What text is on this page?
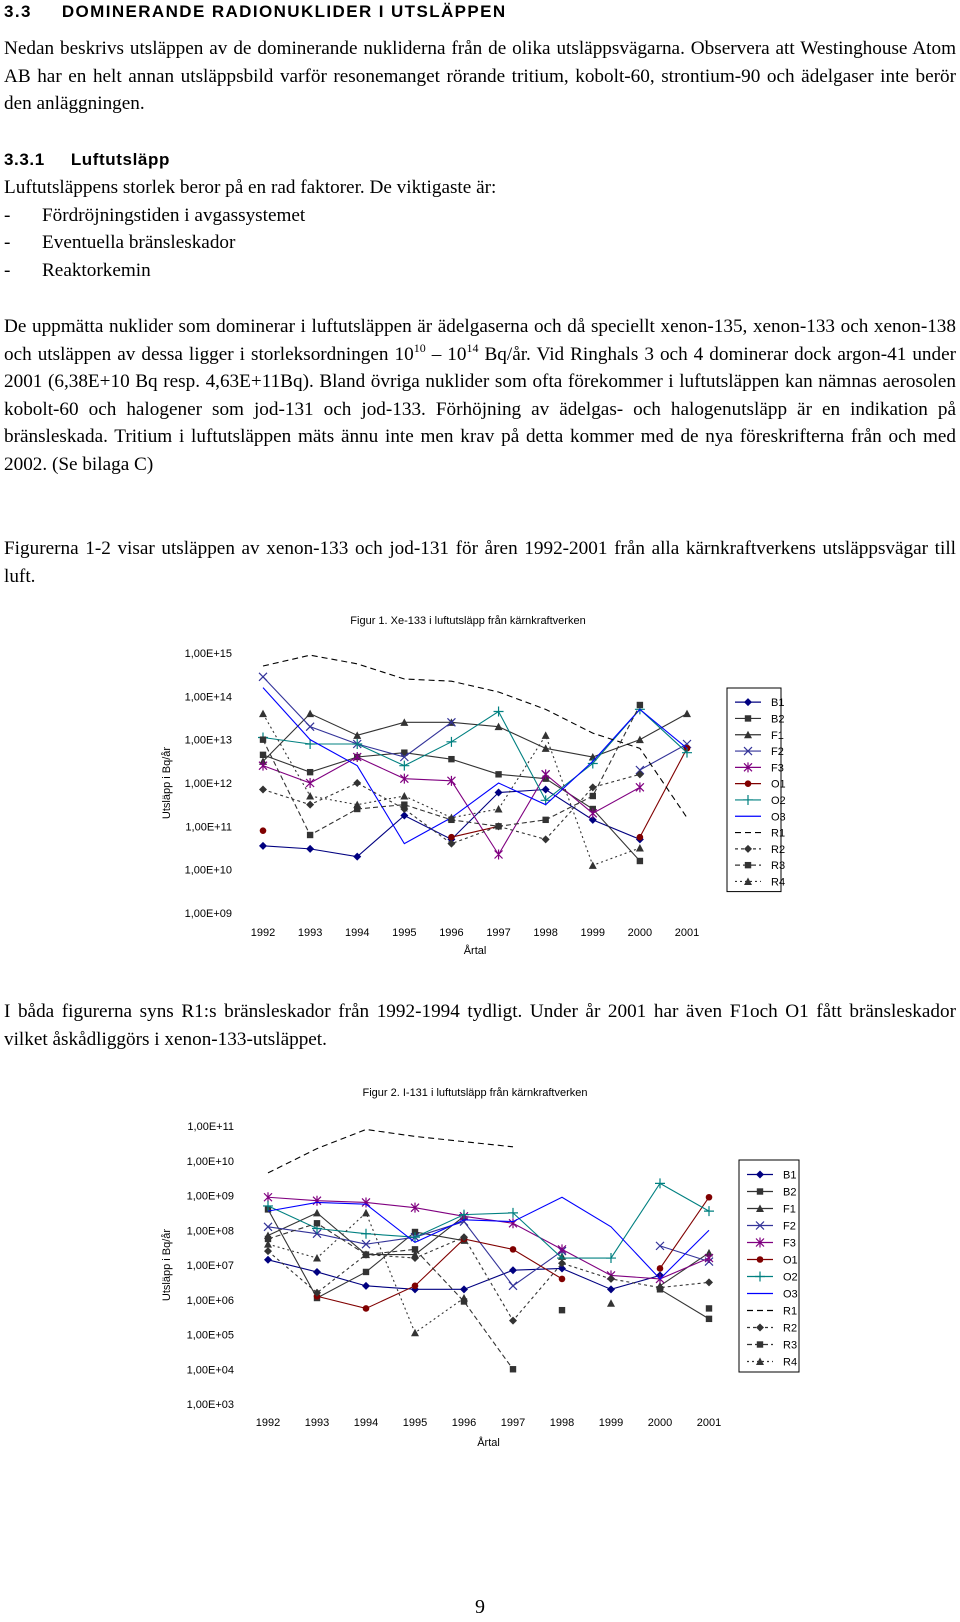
3.3 DOMINERANDE RADIONUKLIDER I UTSLÄPPEN

Nedan beskrivs utsläppen av de dominerande nukliderna från de olika utsläppsvägarna. Observera att Westinghouse Atom AB har en helt annan utsläppsbild varför resonemanget rörande tritium, kobolt-60, strontium-90 och ädelgaser inte berör den anläggningen.

3.3.1 Luftutsläpp
Luftutsläppens storlek beror på en rad faktorer. De viktigaste är:
- Fördröjningstiden i avgassystemet
- Eventuella bränsleskador
- Reaktorkemin

De uppmätta nuklider som dominerar i luftutsläppen är ädelgaserna och då speciellt xenon-135, xenon-133 och xenon-138 och utsläppen av dessa ligger i storleksordningen $10^{10} - 10^{14}$ Bq/år. Vid Ringhals 3 och 4 dominerar dock argon-41 under 2001 (6,38E+10 Bq resp. 4,63E+11Bq). Bland övriga nuklider som ofta förekommer i luftutsläppen kan nämnas aerosolen kobolt-60 och halogener som jod-131 och jod-133. Förhöjning av ädelgas- och halogenutsläpp är en indikation på bränsleskada. Tritium i luftutsläppen mäts ännu inte men krav på detta kommer med de nya föreskrifterna från och med 2002. (Se bilaga C)

Figurerna 1-2 visar utsläppen av xenon-133 och jod-131 för åren 1992-2001 från alla kärnkraftverkens utsläppsvägar till luft.

Figur 1. Xe-133 i luftutsläpp från kärnkraftverken
1,00E+09
1,00E+10
1,00E+11
1,00E+12
1,00E+13
1,00E+14
1,00E+15
1992 1993 1994 1995 1996 1997 1998 1999 2000 2001
Utsläpp i Bq/år
Årtal
B1
B2
F1
F2
F3
O1
O2
O3
R1
R2
R3
R4

I båda figurerna syns R1:s bränsleskador från 1992-1994 tydligt. Under år 2001 har även F1och O1 fått bränsleskador vilket åskådliggörs i xenon-133-utsläppet.

Figur 2. I-131 i luftutsläpp från kärnkraftverken
1,00E+03
1,00E+04
1,00E+05
1,00E+06
1,00E+07
1,00E+08
1,00E+09
1,00E+10
1,00E+11
1992 1993 1994 1995 1996 1997 1998 1999 2000 2001
Utsläpp i Bq/år
Årtal
B1
B2
F1
F2
F3
O1
O2
O3
R1
R2
R3
R4
9
